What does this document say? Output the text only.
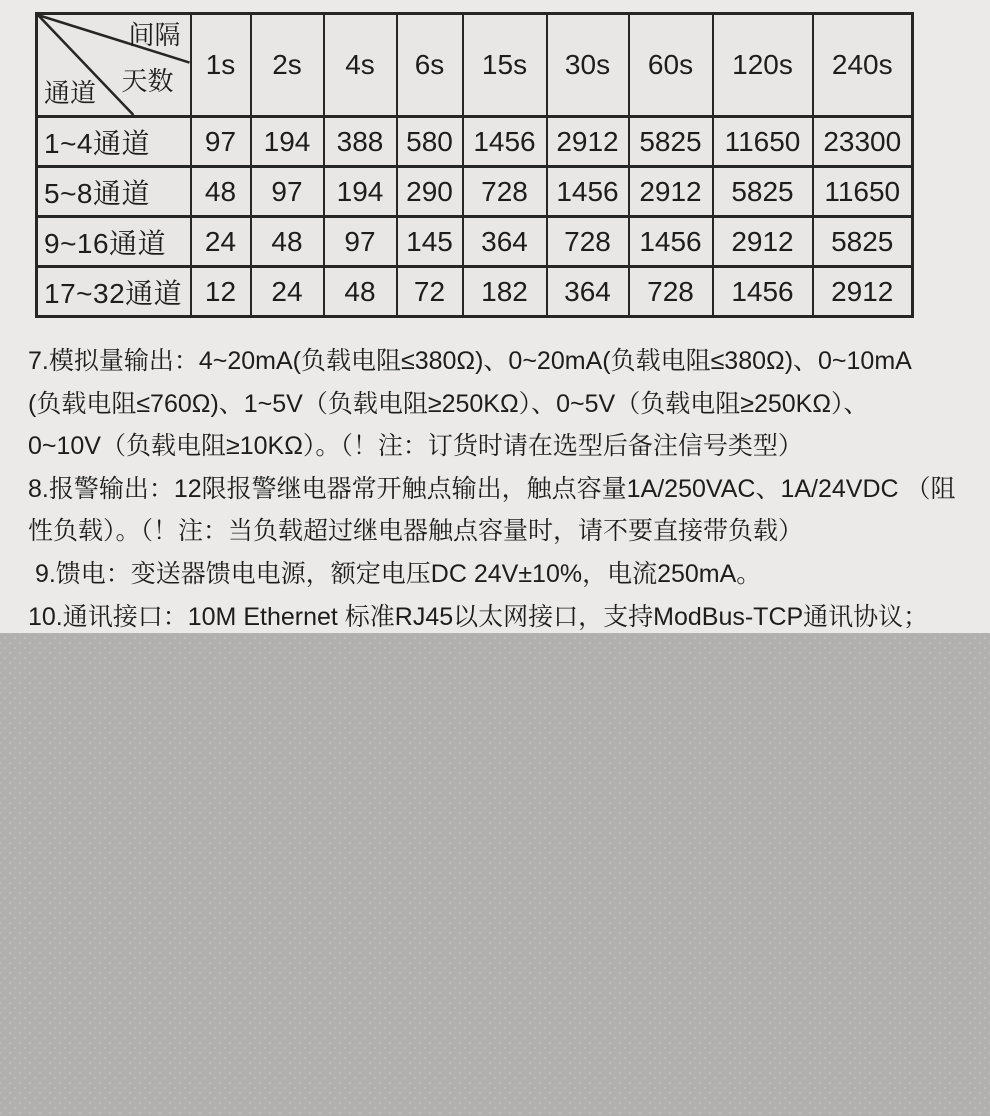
间隔
天数
通道	1s	2s	4s	6s	15s	30s	60s	120s	240s
1~4通道	97	194	388	580	1456	2912	5825	11650	23300
5~8通道	48	97	194	290	728	1456	2912	5825	11650
9~16通道	24	48	97	145	364	728	1456	2912	5825
17~32通道	12	24	48	72	182	364	728	1456	2912
7.模拟量输出：4~20mA(负载电阻≤380Ω)、0~20mA(负载电阻≤380Ω)、0~10mA
(负载电阻≤760Ω)、1~5V（负载电阻≥250KΩ）、0~5V（负载电阻≥250KΩ）、
0~10V（负载电阻≥10KΩ）。（！注：订货时请在选型后备注信号类型）
8.报警输出：12限报警继电器常开触点输出，触点容量1A/250VAC、1A/24VDC （阻
性负载）。（！注：当负载超过继电器触点容量时，请不要直接带负载）
9.馈电：变送器馈电电源，额定电压DC 24V±10%，电流250mA。
10.通讯接口：10M Ethernet 标准RJ45以太网接口，支持ModBus-TCP通讯协议；
